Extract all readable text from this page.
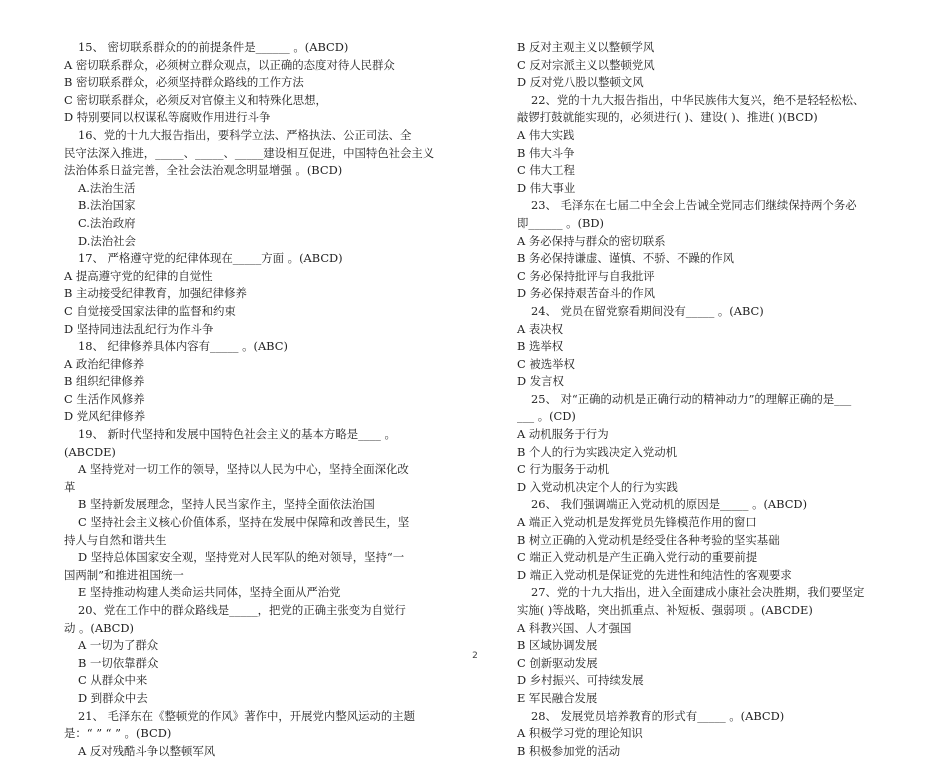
15、 密切联系群众的的前提条件是______ 。(ABCD)
A 密切联系群众，必须树立群众观点，以正确的态度对待人民群众
B 密切联系群众，必须坚持群众路线的工作方法
C 密切联系群众，必须反对官僚主义和特殊化思想，
D 特别要同以权谋私等腐败作用进行斗争
16、党的十九大报告指出，要科学立法、严格执法、公正司法、全
民守法深入推进，_____、_____、_____建设相互促进，中国特色社会主义
法治体系日益完善，全社会法治观念明显增强 。(BCD)
A.法治生活
B.法治国家
C.法治政府
D.法治社会
17、 严格遵守党的纪律体现在_____方面 。(ABCD)
A 提高遵守党的纪律的自觉性
B 主动接受纪律教育，加强纪律修养
C 自觉接受国家法律的监督和约束
D 坚持同违法乱纪行为作斗争
18、 纪律修养具体内容有_____ 。(ABC)
A 政治纪律修养
B 组织纪律修养
C 生活作风修养
D 党风纪律修养
19、 新时代坚持和发展中国特色社会主义的基本方略是____ 。
(ABCDE)
A 坚持党对一切工作的领导，坚持以人民为中心，坚持全面深化改
革
B 坚持新发展理念，坚持人民当家作主，坚持全面依法治国
C 坚持社会主义核心价值体系，坚持在发展中保障和改善民生，坚
持人与自然和谐共生
D 坚持总体国家安全观，坚持党对人民军队的绝对领导，坚持“一
国两制”和推进祖国统一
E 坚持推动构建人类命运共同体，坚持全面从严治党
20、党在工作中的群众路线是_____，把党的正确主张变为自觉行
动 。(ABCD)
A 一切为了群众
B 一切依靠群众
C 从群众中来
D 到群众中去
21、 毛泽东在《整顿党的作风》著作中，开展党内整风运动的主题
是：“ ” “ ” 。(BCD)
A 反对残酷斗争以整顿军风
B 反对主观主义以整顿学风
C 反对宗派主义以整顿党风
D 反对党八股以整顿文风
22、党的十九大报告指出，中华民族伟大复兴，绝不是轻轻松松、
敲锣打鼓就能实现的，必须进行( )、建设( )、推进( )(BCD)
A 伟大实践
B 伟大斗争
C 伟大工程
D 伟大事业
23、 毛泽东在七届二中全会上告诫全党同志们继续保持两个务必
即______ 。(BD)
A 务必保持与群众的密切联系
B 务必保持谦虚、谨慎、不骄、不躁的作风
C 务必保持批评与自我批评
D 务必保持艰苦奋斗的作风
24、 党员在留党察看期间没有_____ 。(ABC)
A 表决权
B 选举权
C 被选举权
D 发言权
25、 对“正确的动机是正确行动的精神动力”的理解正确的是___
___ 。(CD)
A 动机服务于行为
B 个人的行为实践决定入党动机
C 行为服务于动机
D 入党动机决定个人的行为实践
26、 我们强调端正入党动机的原因是_____ 。(ABCD)
A 端正入党动机是发挥党员先锋模范作用的窗口
B 树立正确的入党动机是经受住各种考验的坚实基础
C 端正入党动机是产生正确入党行动的重要前提
D 端正入党动机是保证党的先进性和纯洁性的客观要求
27、党的十九大指出，进入全面建成小康社会决胜期，我们要坚定
实施( )等战略，突出抓重点、补短板、强弱项 。(ABCDE)
A 科教兴国、人才强国
B 区域协调发展
C 创新驱动发展
D 乡村振兴、可持续发展
E 军民融合发展
28、 发展党员培养教育的形式有_____ 。(ABCD)
A 积极学习党的理论知识
B 积极参加党的活动
2
